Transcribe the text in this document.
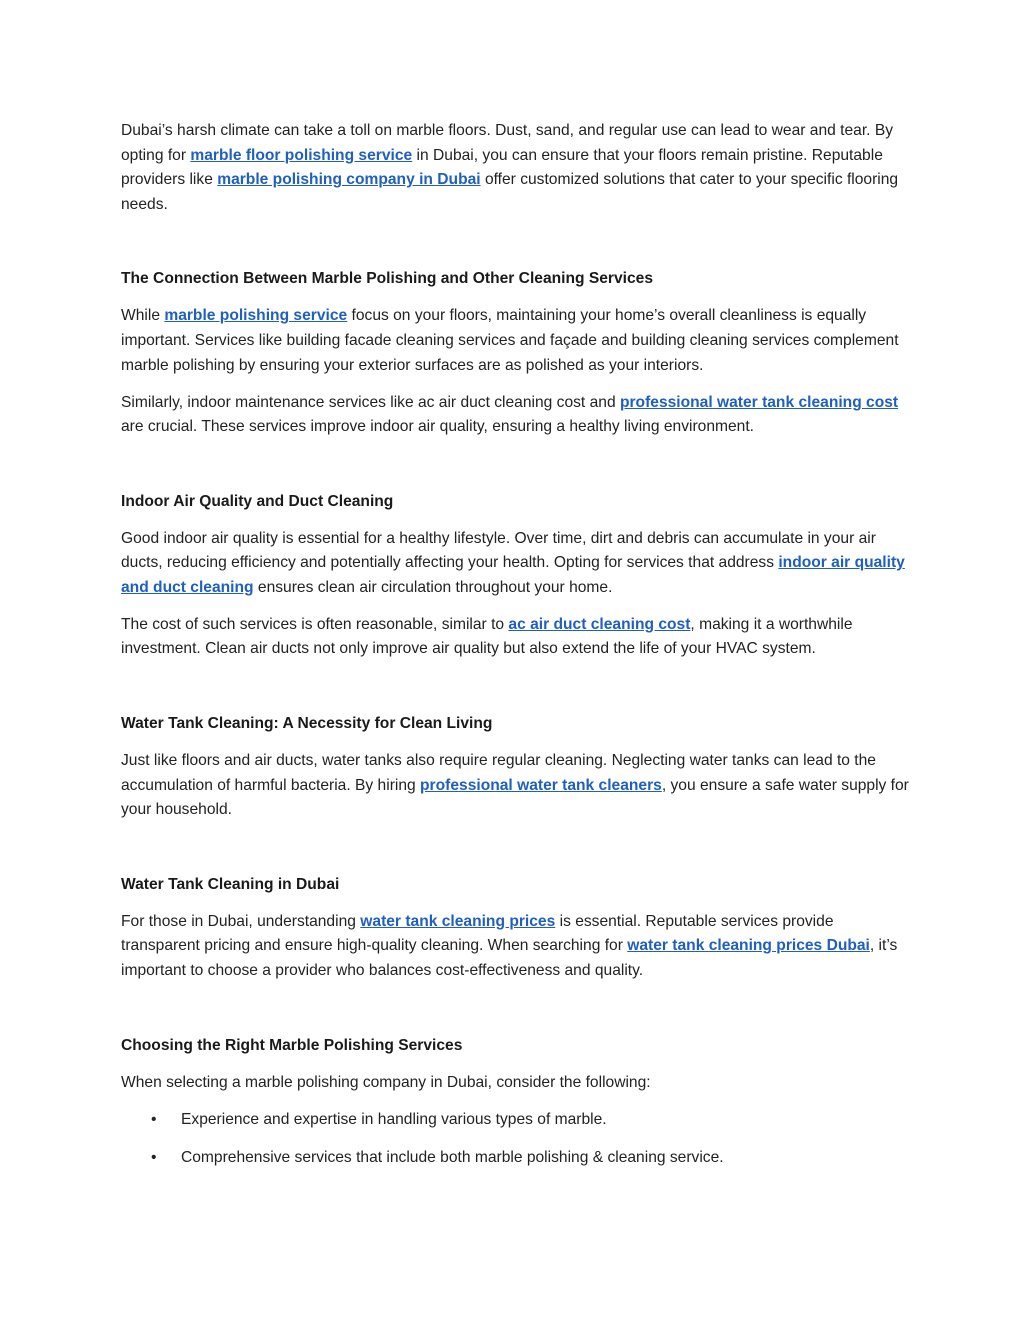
Dubai’s harsh climate can take a toll on marble floors. Dust, sand, and regular use can lead to wear and tear. By opting for marble floor polishing service in Dubai, you can ensure that your floors remain pristine. Reputable providers like marble polishing company in Dubai offer customized solutions that cater to your specific flooring needs.

The Connection Between Marble Polishing and Other Cleaning Services

While marble polishing service focus on your floors, maintaining your home’s overall cleanliness is equally important. Services like building facade cleaning services and façade and building cleaning services complement marble polishing by ensuring your exterior surfaces are as polished as your interiors.

Similarly, indoor maintenance services like ac air duct cleaning cost and professional water tank cleaning cost are crucial. These services improve indoor air quality, ensuring a healthy living environment.

Indoor Air Quality and Duct Cleaning

Good indoor air quality is essential for a healthy lifestyle. Over time, dirt and debris can accumulate in your air ducts, reducing efficiency and potentially affecting your health. Opting for services that address indoor air quality and duct cleaning ensures clean air circulation throughout your home.

The cost of such services is often reasonable, similar to ac air duct cleaning cost, making it a worthwhile investment. Clean air ducts not only improve air quality but also extend the life of your HVAC system.

Water Tank Cleaning: A Necessity for Clean Living

Just like floors and air ducts, water tanks also require regular cleaning. Neglecting water tanks can lead to the accumulation of harmful bacteria. By hiring professional water tank cleaners, you ensure a safe water supply for your household.

Water Tank Cleaning in Dubai

For those in Dubai, understanding water tank cleaning prices is essential. Reputable services provide transparent pricing and ensure high-quality cleaning. When searching for water tank cleaning prices Dubai, it’s important to choose a provider who balances cost-effectiveness and quality.

Choosing the Right Marble Polishing Services

When selecting a marble polishing company in Dubai, consider the following:

• Experience and expertise in handling various types of marble.
• Comprehensive services that include both marble polishing & cleaning service.
